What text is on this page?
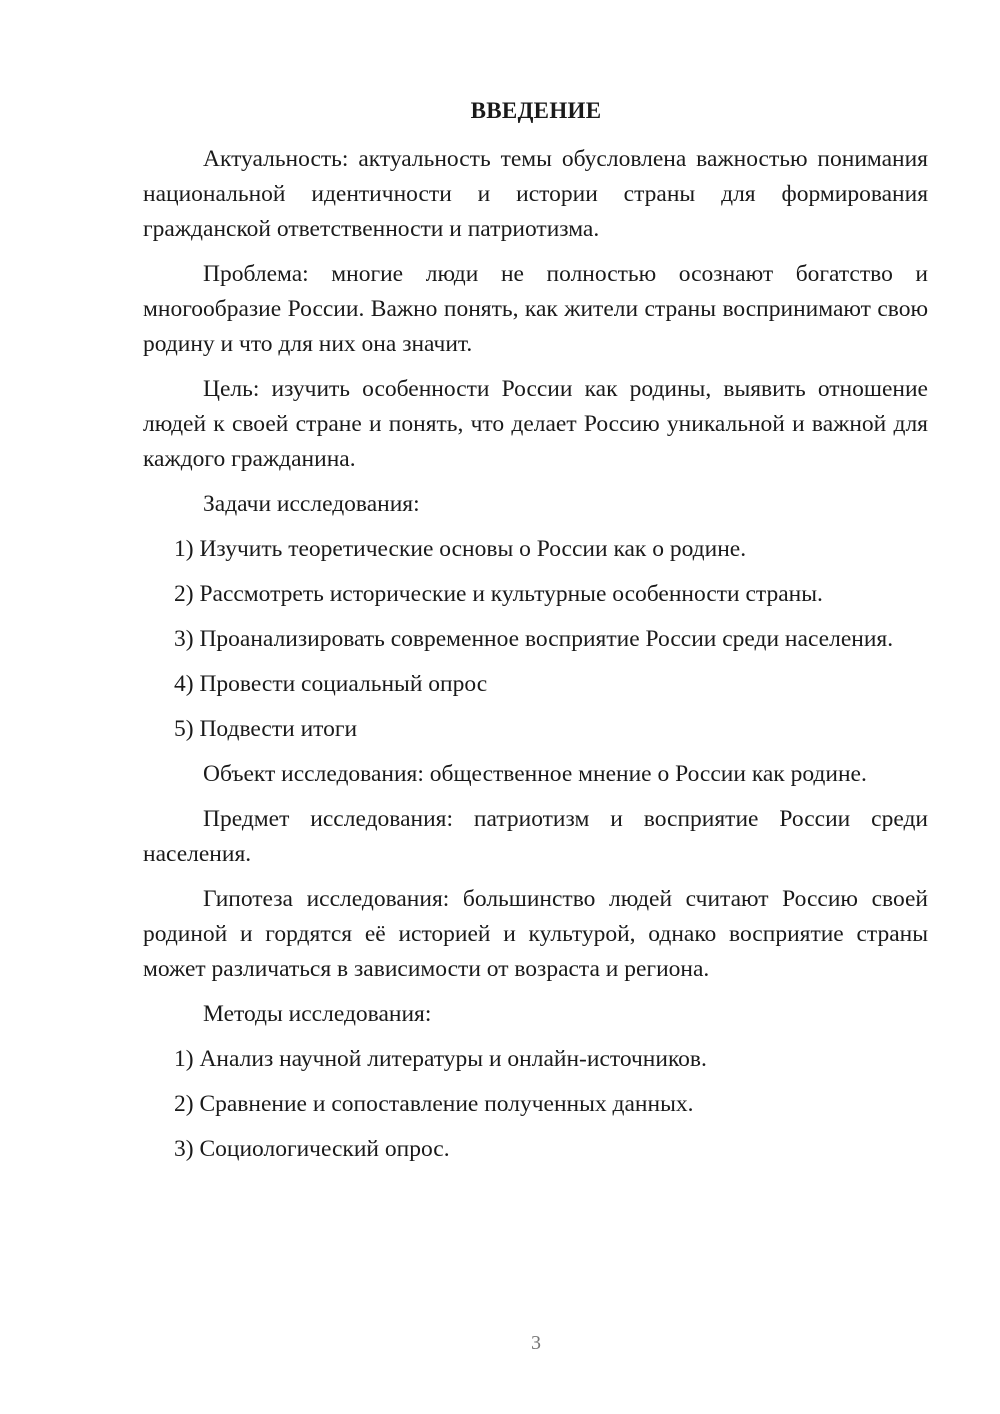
ВВЕДЕНИЕ

Актуальность: актуальность темы обусловлена важностью понимания национальной идентичности и истории страны для формирования гражданской ответственности и патриотизма.

Проблема: многие люди не полностью осознают богатство и многообразие России. Важно понять, как жители страны воспринимают свою родину и что для них она значит.

Цель: изучить особенности России как родины, выявить отношение людей к своей стране и понять, что делает Россию уникальной и важной для каждого гражданина.

Задачи исследования:

1) Изучить теоретические основы о России как о родине.

2) Рассмотреть исторические и культурные особенности страны.

3) Проанализировать современное восприятие России среди населения.

4) Провести социальный опрос

5) Подвести итоги

Объект исследования: общественное мнение о России как родине.

Предмет исследования: патриотизм и восприятие России среди населения.

Гипотеза исследования: большинство людей считают Россию своей родиной и гордятся её историей и культурой, однако восприятие страны может различаться в зависимости от возраста и региона.

Методы исследования:

1) Анализ научной литературы и онлайн-источников.

2) Сравнение и сопоставление полученных данных.

3) Социологический опрос.

3
